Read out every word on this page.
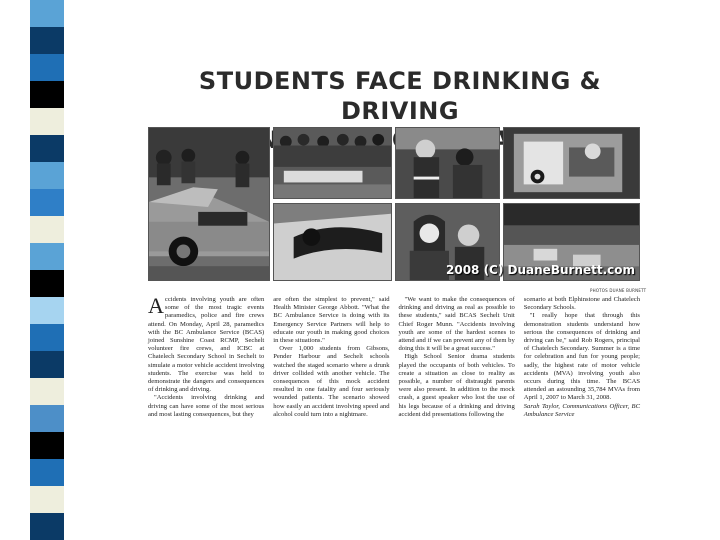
STUDENTS FACE DRINKING & DRIVING
2008 (C) DuaneBurnett.com
PHOTOS DUANE BURNETT

Accidents involving youth are often some of the most tragic events paramedics, police and fire crews attend. On Monday, April 28, paramedics with the BC Ambulance Service (BCAS) joined Sunshine Coast RCMP, Sechelt volunteer fire crews, and ICBC at Chatelech Secondary School in Sechelt to simulate a motor vehicle accident involving students. The exercise was held to demonstrate the dangers and consequences of drinking and driving.

"Accidents involving drinking and driving can have some of the most serious and most lasting consequences, but they

are often the simplest to prevent," said Health Minister George Abbott. "What the BC Ambulance Service is doing with its Emergency Service Partners will help to educate our youth in making good choices in these situations."

Over 1,000 students from Gibsons, Pender Harbour and Sechelt schools watched the staged scenario where a drunk driver collided with another vehicle. The consequences of this mock accident resulted in one fatality and four seriously wounded patients. The scenario showed how easily an accident involving speed and alcohol could turn into a nightmare.

"We want to make the consequences of drinking and driving as real as possible to these students," said BCAS Sechelt Unit Chief Roger Munn. "Accidents involving youth are some of the hardest scenes to attend and if we can prevent any of them by doing this it will be a great success."

High School Senior drama students played the occupants of both vehicles. To create a situation as close to reality as possible, a number of distraught parents were also present. In addition to the mock crash, a guest speaker who lost the use of his legs because of a drinking and driving accident did presentations following the

scenario at both Elphinstone and Chatelech Secondary Schools.

"I really hope that through this demonstration students understand how serious the consequences of drinking and driving can be," said Rob Rogers, principal of Chatelech Secondary. Summer is a time for celebration and fun for young people; sadly, the highest rate of motor vehicle accidents (MVA) involving youth also occurs during this time. The BCAS attended an astounding 35,784 MVAs from April 1, 2007 to March 31, 2008.

Sarah Taylor, Communications Officer, BC Ambulance Service
